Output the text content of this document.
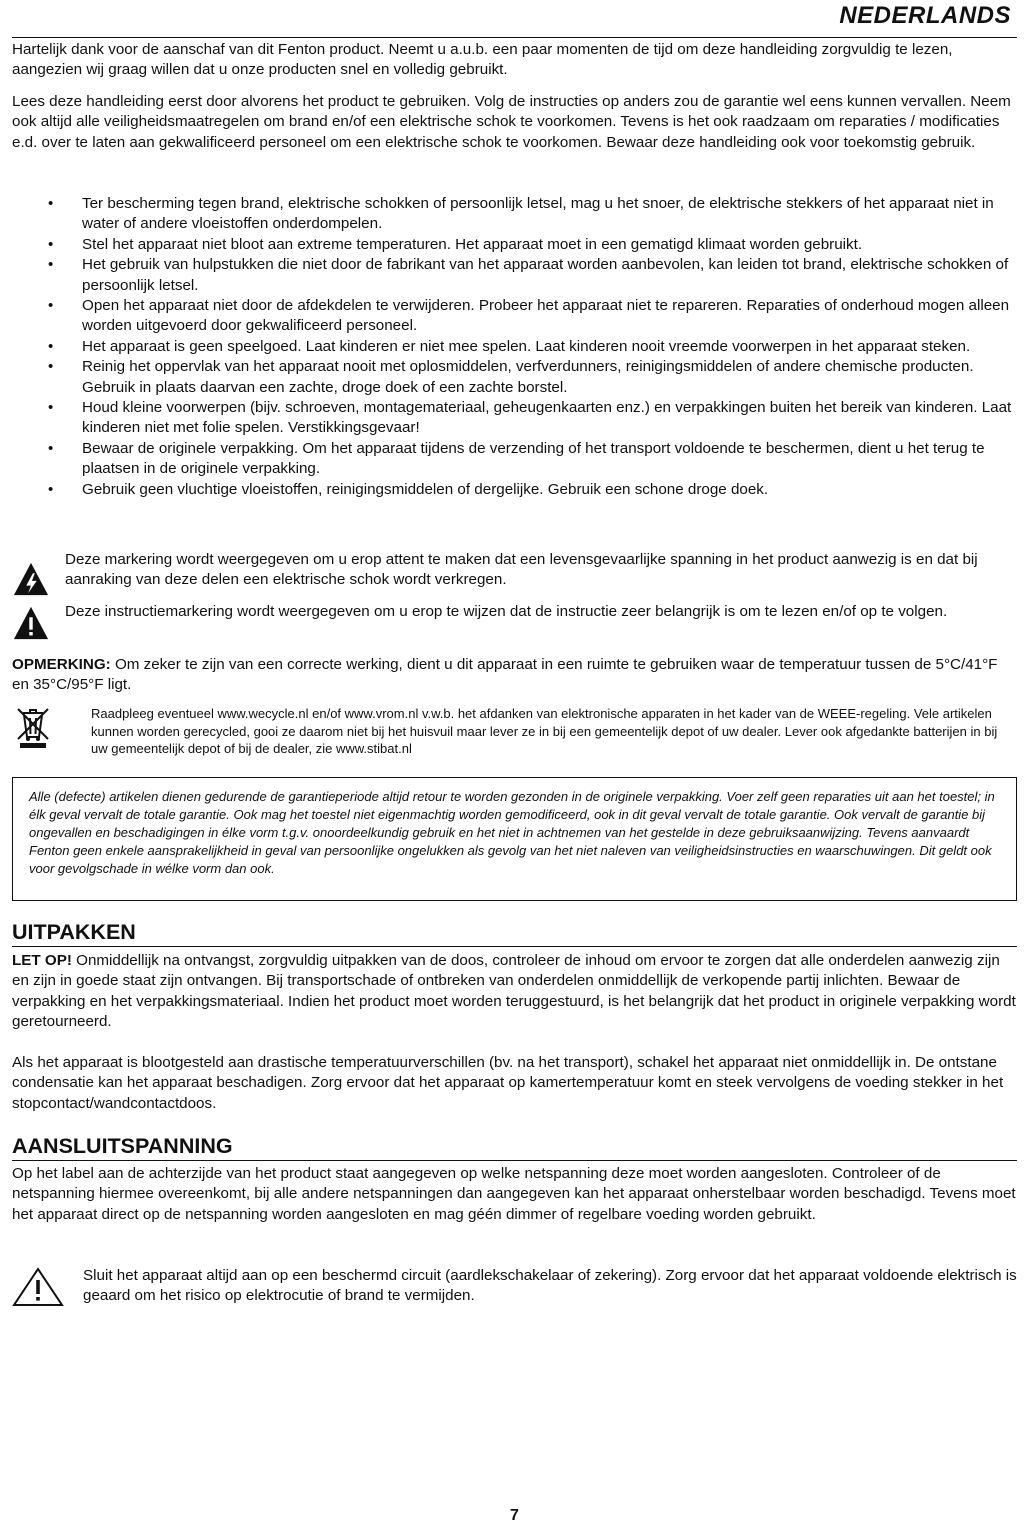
NEDERLANDS

Hartelijk dank voor de aanschaf van dit Fenton product. Neemt u a.u.b. een paar momenten de tijd om deze handleiding zorgvuldig te lezen, aangezien wij graag willen dat u onze producten snel en volledig gebruikt.

Lees deze handleiding eerst door alvorens het product te gebruiken. Volg de instructies op anders zou de garantie wel eens kunnen vervallen. Neem ook altijd alle veiligheidsmaatregelen om brand en/of een elektrische schok te voorkomen. Tevens is het ook raadzaam om reparaties / modificaties e.d. over te laten aan gekwalificeerd personeel om een elektrische schok te voorkomen. Bewaar deze handleiding ook voor toekomstig gebruik.

• Ter bescherming tegen brand, elektrische schokken of persoonlijk letsel, mag u het snoer, de elektrische stekkers of het apparaat niet in water of andere vloeistoffen onderdompelen.
• Stel het apparaat niet bloot aan extreme temperaturen. Het apparaat moet in een gematigd klimaat worden gebruikt.
• Het gebruik van hulpstukken die niet door de fabrikant van het apparaat worden aanbevolen, kan leiden tot brand, elektrische schokken of persoonlijk letsel.
• Open het apparaat niet door de afdekdelen te verwijderen. Probeer het apparaat niet te repareren. Reparaties of onderhoud mogen alleen worden uitgevoerd door gekwalificeerd personeel.
• Het apparaat is geen speelgoed. Laat kinderen er niet mee spelen. Laat kinderen nooit vreemde voorwerpen in het apparaat steken.
• Reinig het oppervlak van het apparaat nooit met oplosmiddelen, verfverdunners, reinigingsmiddelen of andere chemische producten. Gebruik in plaats daarvan een zachte, droge doek of een zachte borstel.
• Houd kleine voorwerpen (bijv. schroeven, montagemateriaal, geheugenkaarten enz.) en verpakkingen buiten het bereik van kinderen. Laat kinderen niet met folie spelen. Verstikkingsgevaar!
• Bewaar de originele verpakking. Om het apparaat tijdens de verzending of het transport voldoende te beschermen, dient u het terug te plaatsen in de originele verpakking.
• Gebruik geen vluchtige vloeistoffen, reinigingsmiddelen of dergelijke. Gebruik een schone droge doek.
Deze markering wordt weergegeven om u erop attent te maken dat een levensgevaarlijke spanning in het product aanwezig is en dat bij aanraking van deze delen een elektrische schok wordt verkregen.
Deze instructiemarkering wordt weergegeven om u erop te wijzen dat de instructie zeer belangrijk is om te lezen en/of op te volgen.

OPMERKING: Om zeker te zijn van een correcte werking, dient u dit apparaat in een ruimte te gebruiken waar de temperatuur tussen de 5°C/41°F en 35°C/95°F ligt.

Raadpleeg eventueel www.wecycle.nl en/of www.vrom.nl v.w.b. het afdanken van elektronische apparaten in het kader van de WEEE-regeling. Vele artikelen kunnen worden gerecycled, gooi ze daarom niet bij het huisvuil maar lever ze in bij een gemeentelijk depot of uw dealer. Lever ook afgedankte batterijen in bij uw gemeentelijk depot of bij de dealer, zie www.stibat.nl

Alle (defecte) artikelen dienen gedurende de garantieperiode altijd retour te worden gezonden in de originele verpakking. Voer zelf geen reparaties uit aan het toestel; in élk geval vervalt de totale garantie. Ook mag het toestel niet eigenmachtig worden gemodificeerd, ook in dit geval vervalt de totale garantie. Ook vervalt de garantie bij ongevallen en beschadigingen in élke vorm t.g.v. onoordeelkundig gebruik en het niet in achtnemen van het gestelde in deze gebruiksaanwijzing. Tevens aanvaardt Fenton geen enkele aansprakelijkheid in geval van persoonlijke ongelukken als gevolg van het niet naleven van veiligheidsinstructies en waarschuwingen. Dit geldt ook voor gevolgschade in wélke vorm dan ook.

UITPAKKEN

LET OP! Onmiddellijk na ontvangst, zorgvuldig uitpakken van de doos, controleer de inhoud om ervoor te zorgen dat alle onderdelen aanwezig zijn en zijn in goede staat zijn ontvangen. Bij transportschade of ontbreken van onderdelen onmiddellijk de verkopende partij inlichten. Bewaar de verpakking en het verpakkingsmateriaal. Indien het product moet worden teruggestuurd, is het belangrijk dat het product in originele verpakking wordt geretourneerd.

Als het apparaat is blootgesteld aan drastische temperatuurverschillen (bv. na het transport), schakel het apparaat niet onmiddellijk in. De ontstane condensatie kan het apparaat beschadigen. Zorg ervoor dat het apparaat op kamertemperatuur komt en steek vervolgens de voeding stekker in het stopcontact/wandcontactdoos.

AANSLUITSPANNING

Op het label aan de achterzijde van het product staat aangegeven op welke netspanning deze moet worden aangesloten. Controleer of de netspanning hiermee overeenkomt, bij alle andere netspanningen dan aangegeven kan het apparaat onherstelbaar worden beschadigd. Tevens moet het apparaat direct op de netspanning worden aangesloten en mag géén dimmer of regelbare voeding worden gebruikt.

Sluit het apparaat altijd aan op een beschermd circuit (aardlekschakelaar of zekering). Zorg ervoor dat het apparaat voldoende elektrisch is geaard om het risico op elektrocutie of brand te vermijden.
7
